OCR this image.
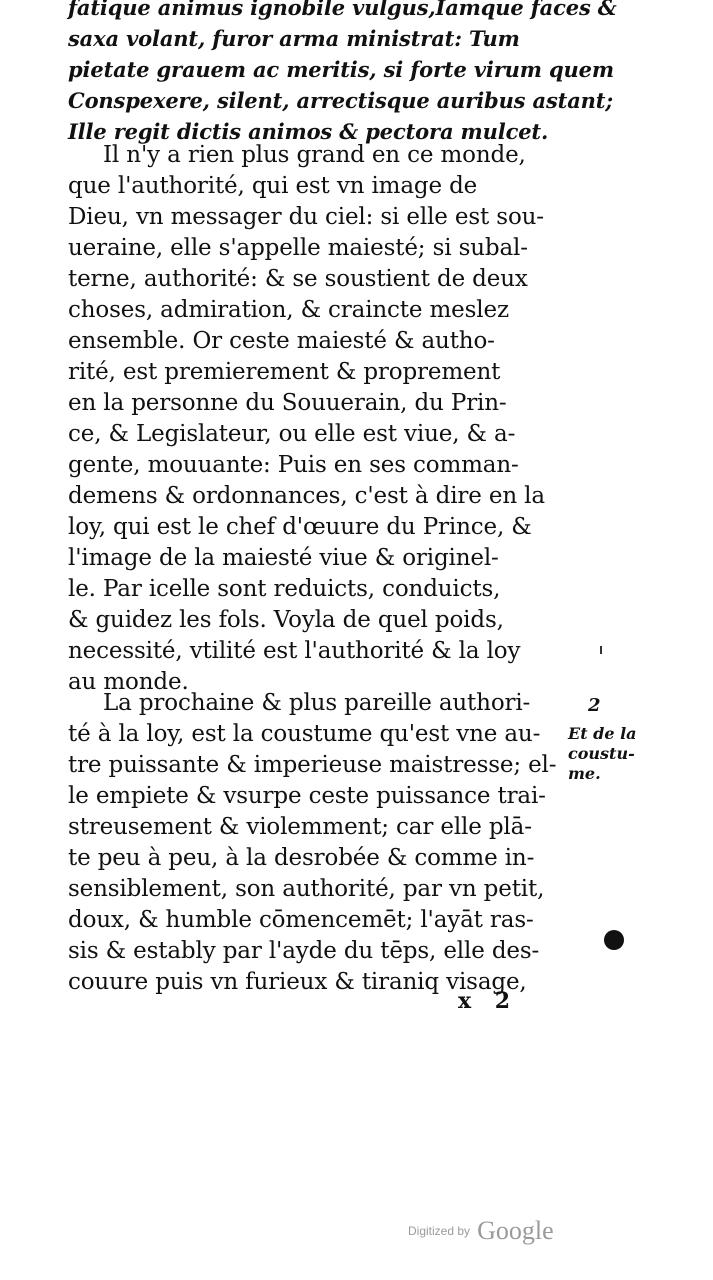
fatique animus ignobile vulgus,Iamque faces &
saxa volant, furor arma ministrat: Tum
pietate grauem ac meritis, si forte virum quem
Conspexere, silent, arrectisque auribus astant;
Ille regit dictis animos & pectora mulcet.
Il n'y a rien plus grand en ce monde,
que l'authorité, qui est vn image de
Dieu, vn messager du ciel: si elle est sou-
ueraine, elle s'appelle maiesté; si subal-
terne, authorité: & se soustient de deux
choses, admiration, & craincte meslez
ensemble. Or ceste maiesté & autho-
rité, est premierement & proprement
en la personne du Souuerain, du Prin-
ce, & Legislateur, ou elle est viue, & a-
gente, mouuante: Puis en ses comman-
demens & ordonnances, c'est à dire en la
loy, qui est le chef d'œuure du Prince, &
l'image de la maiesté viue & originel-
le. Par icelle sont reduicts, conduicts,
& guidez les fols. Voyla de quel poids,
necessité, vtilité est l'authorité & la loy
au monde.
La prochaine & plus pareille authori-
té à la loy, est la coustume qu'est vne au-
tre puissante & imperieuse maistresse; el-
le empiete & vsurpe ceste puissance trai-
streusement & violemment; car elle plā-
te peu à peu, à la desrobée & comme in-
sensiblement, son authorité, par vn petit,
doux, & humble cōmencemēt; l'ayāt ras-
sis & estably par l'ayde du tēps, elle des-
couure puis vn furieux & tiraniq visage,
2
Et de la
coustu-
me.
x 2
Digitized by Google
